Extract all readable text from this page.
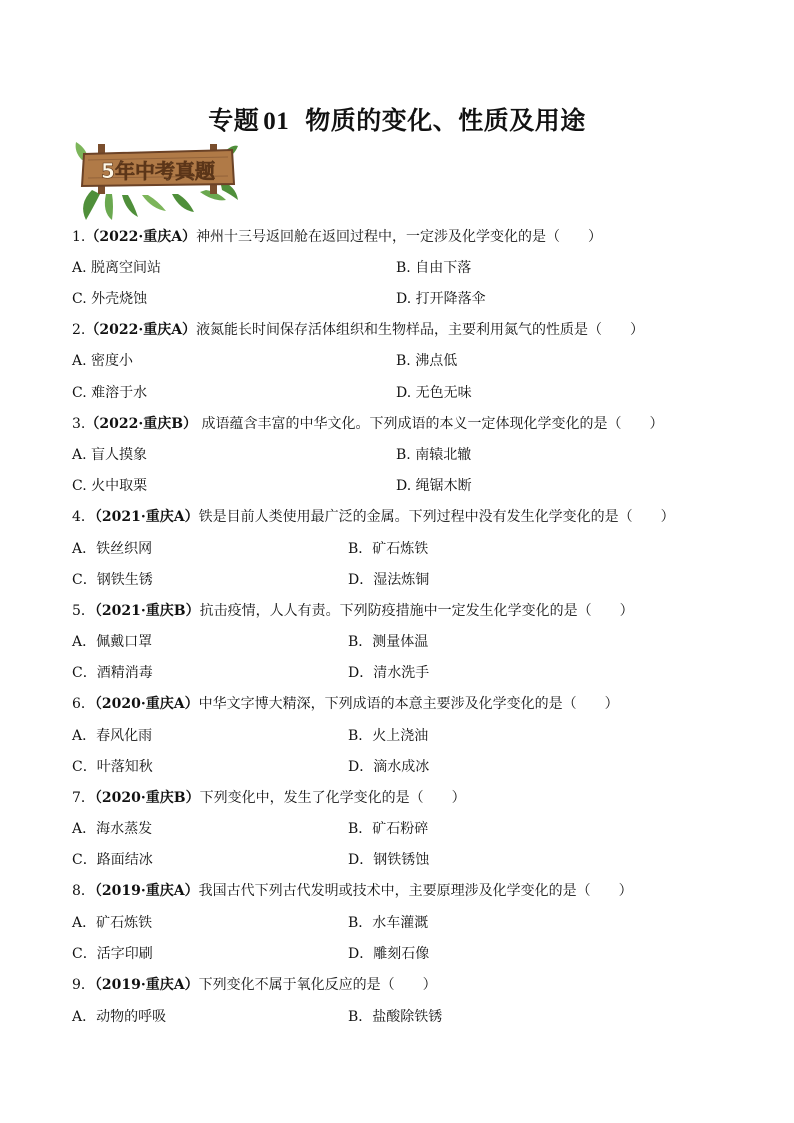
专题 01 物质的变化、性质及用途
5年中考真题
1.（2022·重庆A）神州十三号返回舱在返回过程中，一定涉及化学变化的是（　　）
A. 脱离空间站	B. 自由下落
C. 外壳烧蚀	D. 打开降落伞
2.（2022·重庆A）液氮能长时间保存活体组织和生物样品，主要利用氮气的性质是（　　）
A. 密度小	B. 沸点低
C. 难溶于水	D. 无色无味
3.（2022·重庆B） 成语蕴含丰富的中华文化。下列成语的本义一定体现化学变化的是（　　）
A. 盲人摸象	B. 南辕北辙
C. 火中取栗	D. 绳锯木断
4．（2021·重庆A）铁是目前人类使用最广泛的金属。下列过程中没有发生化学变化的是（　　）
A．铁丝织网	B．矿石炼铁
C．钢铁生锈	D．湿法炼铜
5．（2021·重庆B）抗击疫情，人人有责。下列防疫措施中一定发生化学变化的是（　　）
A．佩戴口罩	B．测量体温
C．酒精消毒	D．清水洗手
6．（2020·重庆A）中华文字博大精深，下列成语的本意主要涉及化学变化的是（　　）
A．春风化雨	B．火上浇油
C．叶落知秋	D．滴水成冰
7．（2020·重庆B）下列变化中，发生了化学变化的是（　　）
A．海水蒸发	B．矿石粉碎
C．路面结冰	D．钢铁锈蚀
8．（2019·重庆A）我国古代下列古代发明或技术中，主要原理涉及化学变化的是（　　）
A．矿石炼铁	B．水车灌溉
C．活字印刷	D．雕刻石像
9．（2019·重庆A）下列变化不属于氧化反应的是（　　）
A．动物的呼吸	B．盐酸除铁锈
